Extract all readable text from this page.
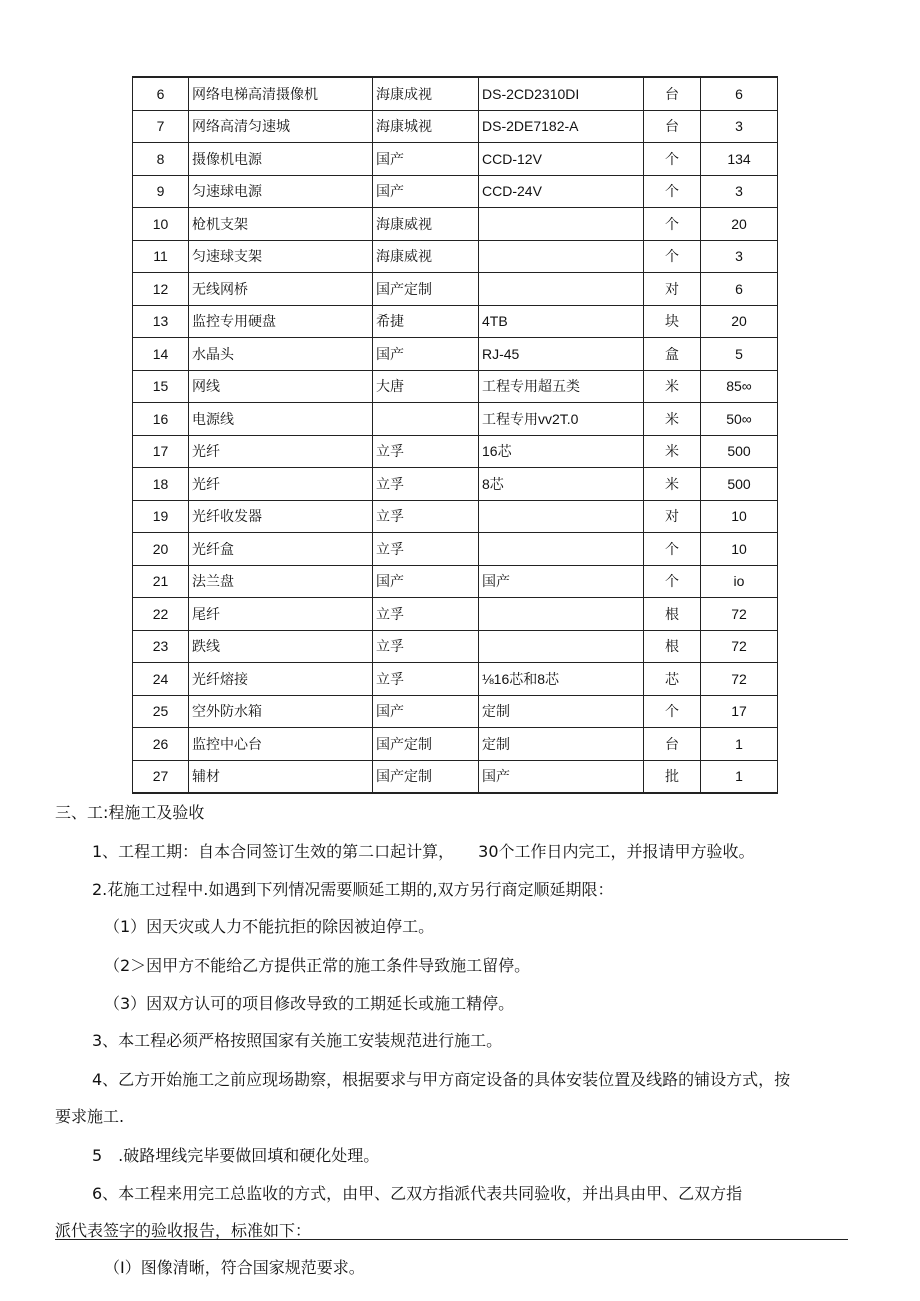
6	网络电梯高清摄像机	海康成视	DS-2CD2310DI	台	6
7	网络高清匀速城	海康城视	DS-2DE7182-A	台	3
8	摄像机电源	国产	CCD-12V	个	134
9	匀速球电源	国产	CCD-24V	个	3
10	枪机支架	海康威视		个	20
11	匀速球支架	海康威视		个	3
12	无线网桥	国产定制		对	6
13	监控专用硬盘	希捷	4TB	块	20
14	水晶头	国产	RJ-45	盒	5
15	网线	大唐	工程专用超五类	米	85∞
16	电源线		工程专用vv2T.0	米	50∞
17	光纤	立孚	16芯	米	500
18	光纤	立孚	8芯	米	500
19	光纤收发器	立孚		对	10
20	光纤盒	立孚		个	10
21	法兰盘	国产	国产	个	io
22	尾纤	立孚		根	72
23	跌线	立孚		根	72
24	光纤熔接	立孚	⅛16芯和8芯	芯	72
25	空外防水箱	国产	定制	个	17
26	监控中心台	国产定制	定制	台	1
27	辅材	国产定制	国产	批	1
三、工:程施工及验收
1、工程工期：自本合同签订生效的第二口起计算，　　30个工作日内完工，并报请甲方验收。
2.花施工过程中.如遇到下列情况需要顺延工期的,双方另行商定顺延期限：
（1）因天灾或人力不能抗拒的除因被迫停工。
（2＞因甲方不能给乙方提供正常的施工条件导致施工留停。
（3）因双方认可的项目修改导致的工期延长或施工精停。
3、本工程必须严格按照国家有关施工安装规范进行施工。
4、乙方开始施工之前应现场勘察，根据要求与甲方商定设备的具体安装位置及线路的铺设方式，按
要求施工.
5　.破路埋线完毕要做回填和硬化处理。
6、本工程来用完工总监收的方式，由甲、乙双方指派代表共同验收，并出具由甲、乙双方指
派代表签字的验收报告，标准如下：
（I）图像清晰，符合国家规范要求。
